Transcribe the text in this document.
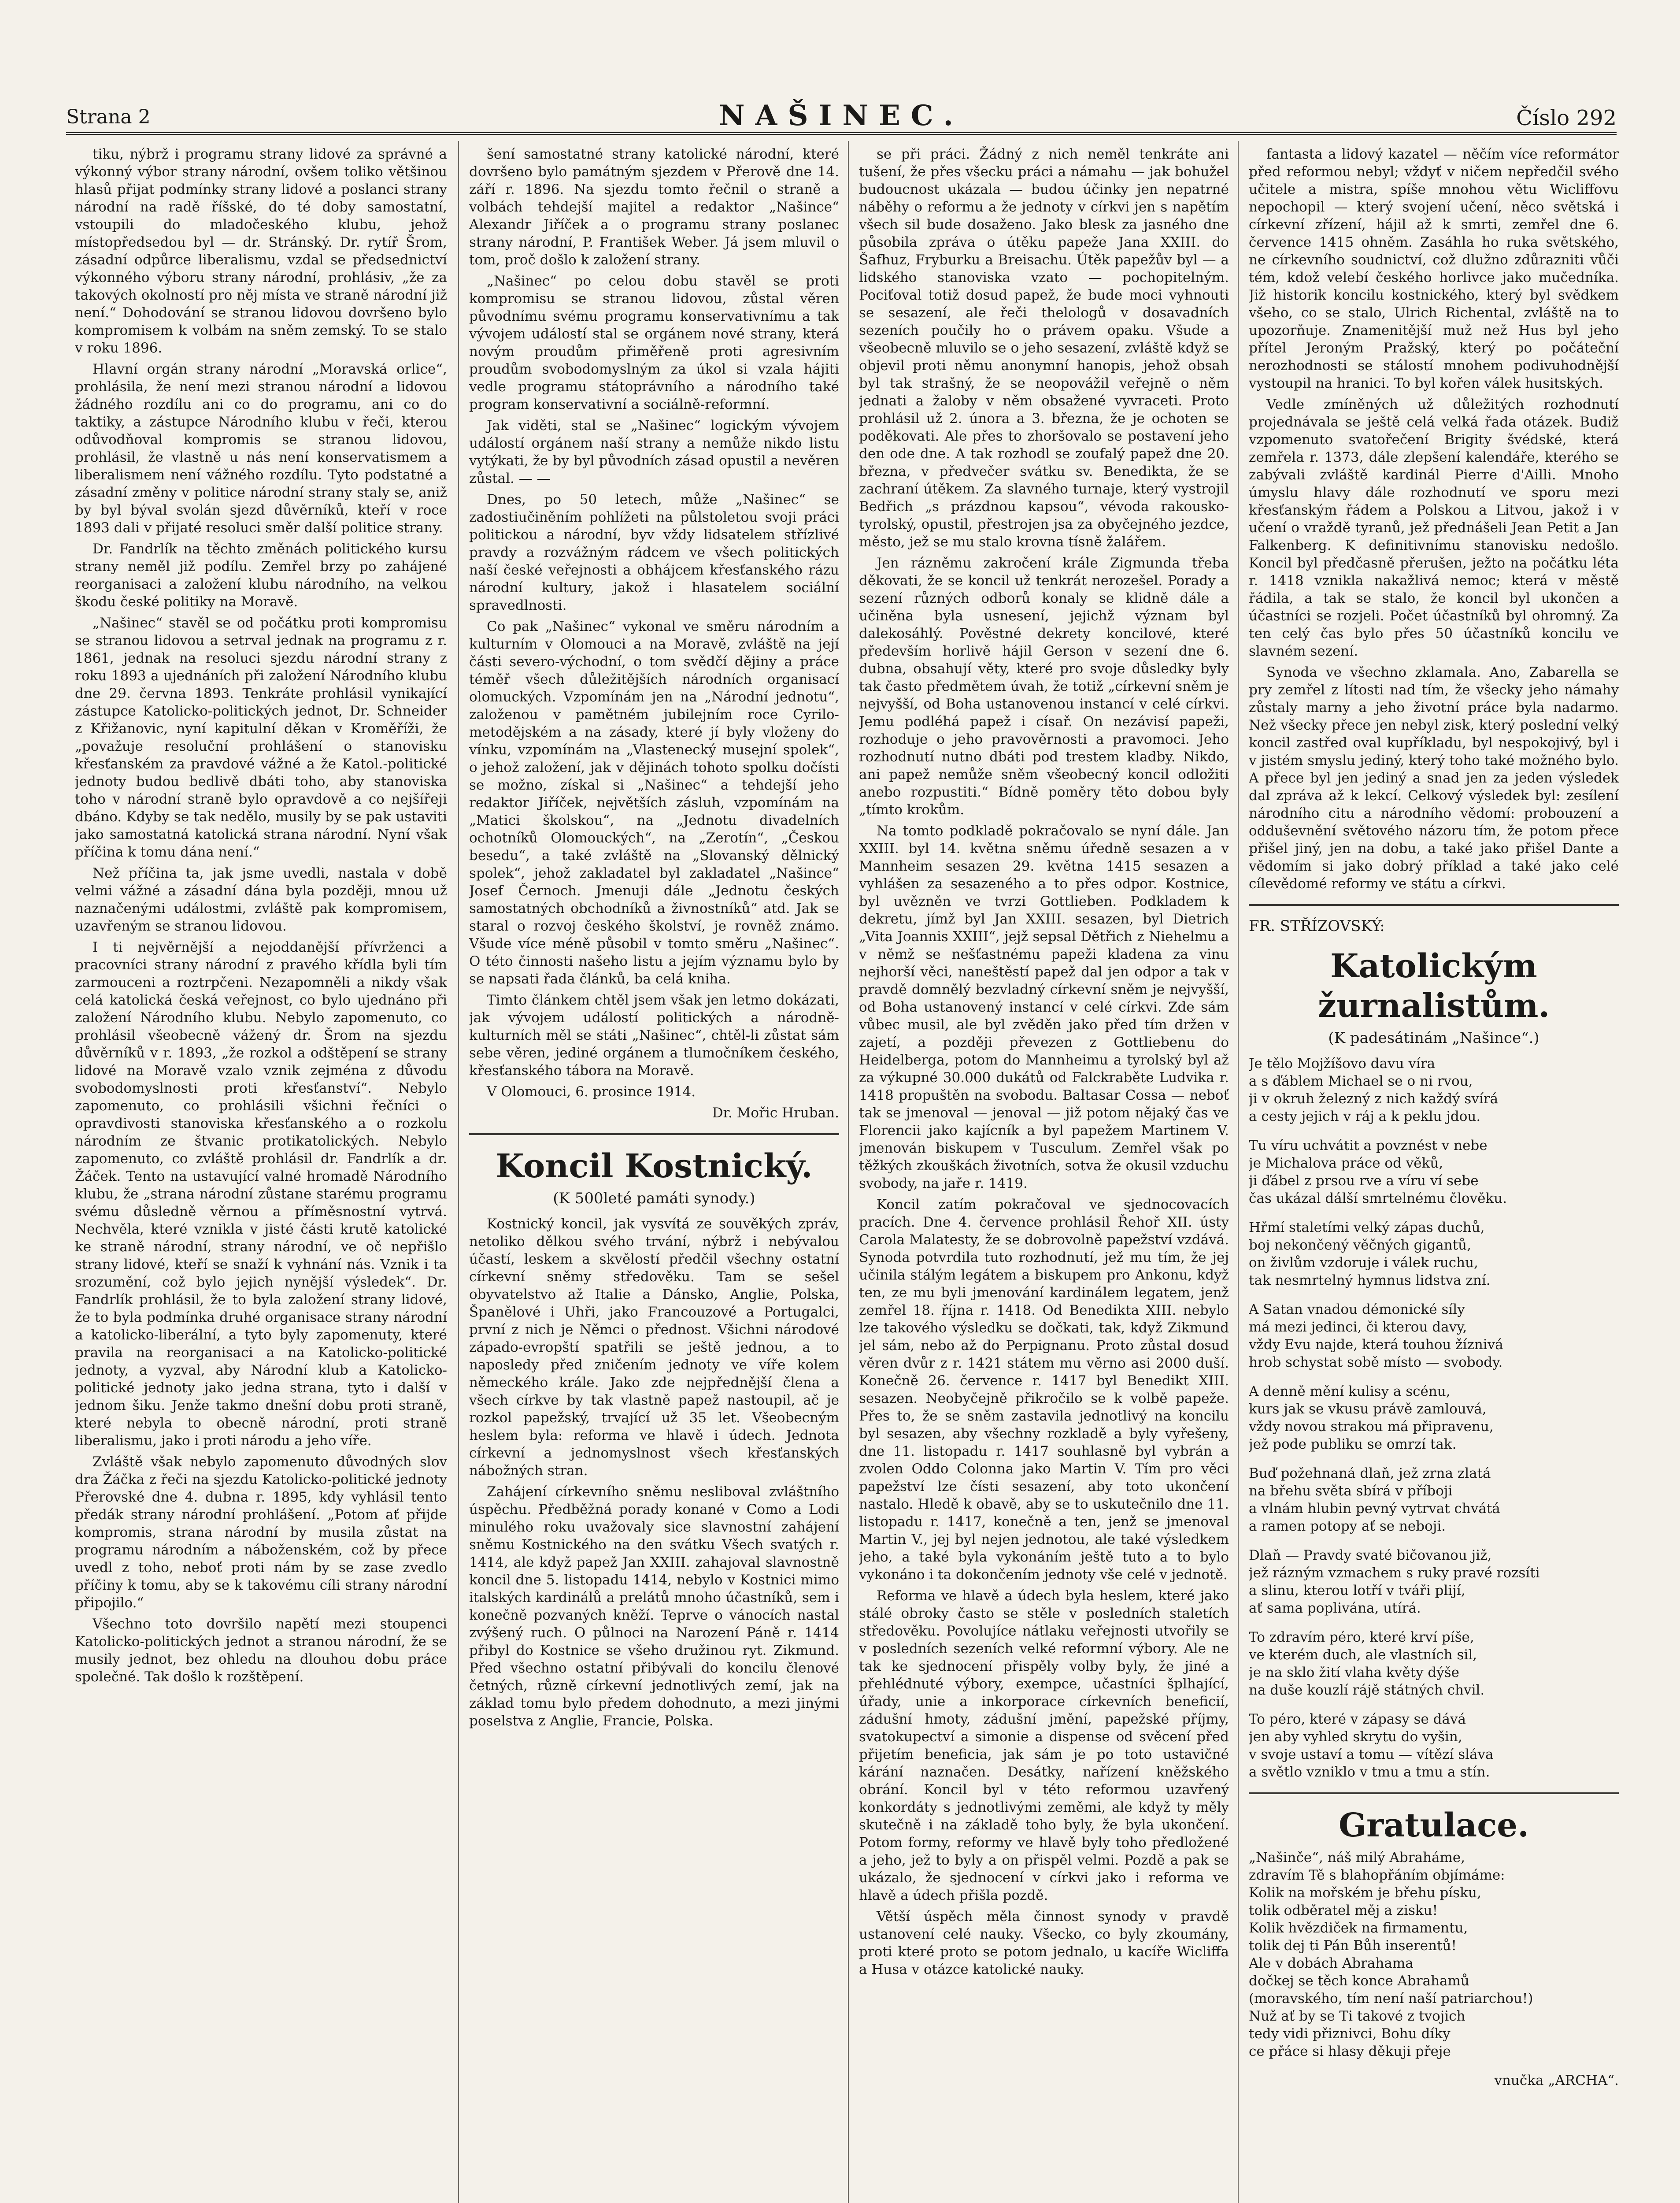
Strana 2	NAŠINEC.	Číslo 292

tiku, nýbrž i programu strany lidové za správné a výkonný výbor strany národní, ovšem toliko většinou hlasů přijat podmínky strany lidové a poslanci strany národní na radě říšské, do té doby samostatní, vstoupili do mladočeského klubu, jehož místopředsedou byl — dr. Stránský. Dr. rytíř Šrom, zásadní odpůrce liberalismu, vzdal se předsednictví výkonného výboru strany národní, prohlásiv, „že za takových okolností pro něj místa ve straně národní již není.“ Dohodování se stranou lidovou dovršeno bylo kompromisem k volbám na sněm zemský. To se stalo v roku 1896.

Hlavní orgán strany národní „Moravská orlice“, prohlásila, že není mezi stranou národní a lidovou žádného rozdílu ani co do programu, ani co do taktiky, a zástupce Národního klubu v řeči, kterou odůvodňoval kompromis se stranou lidovou, prohlásil, že vlastně u nás není konservatismem a liberalismem není vážného rozdílu. Tyto podstatné a zásadní změny v politice národní strany staly se, aniž by byl býval svolán sjezd důvěrníků, kteří v roce 1893 dali v přijaté resoluci směr další politice strany.

Dr. Fandrlík na těchto změnách politického kursu strany neměl již podílu. Zemřel brzy po zahájené reorganisaci a založení klubu národního, na velkou škodu české politiky na Moravě.

„Našinec“ stavěl se od počátku proti kompromisu se stranou lidovou a setrval jednak na programu z r. 1861, jednak na resoluci sjezdu národní strany z roku 1893 a ujednáních při založení Národního klubu dne 29. června 1893. Tenkráte prohlásil vynikající zástupce Katolicko-politických jednot, Dr. Schneider z Křižanovic, nyní kapitulní děkan v Kroměříži, že „považuje resoluční prohlášení o stanovisku křesťanském za pravdové vážné a že Katol.-politické jednoty budou bedlivě dbáti toho, aby stanoviska toho v národní straně bylo opravdově a co nejšířeji dbáno. Kdyby se tak nedělo, musily by se pak ustaviti jako samostatná katolická strana národní. Nyní však příčina k tomu dána není.“

Než příčina ta, jak jsme uvedli, nastala v době velmi vážné a zásadní dána byla později, mnou už naznačenými událostmi, zvláště pak kompromisem, uzavřeným se stranou lidovou.

I ti nejvěrnější a nejoddanější přívrženci a pracovníci strany národní z pravého křídla byli tím zarmouceni a roztrpčeni. Nezapomněli a nikdy však celá katolická česká veřejnost, co bylo ujednáno při založení Národního klubu. Nebylo zapomenuto, co prohlásil všeobecně vážený dr. Šrom na sjezdu důvěrníků v r. 1893, „že rozkol a odštěpení se strany lidové na Moravě vzalo vznik zejména z důvodu svobodomyslnosti proti křesťanství“. Nebylo zapomenuto, co prohlásili všichni řečníci o opravdivosti stanoviska křesťanského a o rozkolu národním ze štvanic protikatolických. Nebylo zapomenuto, co zvláště prohlásil dr. Fandrlík a dr. Žáček. Tento na ustavující valné hromadě Národního klubu, že „strana národní zůstane starému programu svému důsledně věrnou a příměsnostní vytrvá. Nechvěla, které vznikla v jisté části krutě katolické ke straně národní, strany národní, ve oč nepřišlo strany lidové, kteří se snaží k vyhnání nás. Vznik i ta srozumění, což bylo jejich nynější výsledek“. Dr. Fandrlík prohlásil, že to byla založení strany lidové, že to byla podmínka druhé organisace strany národní a katolicko-liberální, a tyto byly zapomenuty, které pravila na reorganisaci a na Katolicko-politické jednoty, a vyzval, aby Národní klub a Katolicko-politické jednoty jako jedna strana, tyto i další v jednom šiku. Jenže takmo dnešní dobu proti straně, které nebyla to obecně národní, proti straně liberalismu, jako i proti národu a jeho víře.

Zvláště však nebylo zapomenuto důvodných slov dra Žáčka z řeči na sjezdu Katolicko-politické jednoty Přerovské dne 4. dubna r. 1895, kdy vyhlásil tento předák strany národní prohlášení. „Potom ať přijde kompromis, strana národní by musila zůstat na programu národním a náboženském, což by přece uvedl z toho, neboť proti nám by se zase zvedlo příčiny k tomu, aby se k takovému cíli strany národní připojilo.“

Všechno toto dovršilo napětí mezi stoupenci Katolicko-politických jednot a stranou národní, že se musily jednot, bez ohledu na dlouhou dobu práce společné. Tak došlo k rozštěpení.

šení samostatné strany katolické národní, které dovršeno bylo památným sjezdem v Přerově dne 14. září r. 1896. Na sjezdu tomto řečnil o straně a volbách tehdejší majitel a redaktor „Našince“ Alexandr Jiříček a o programu strany poslanec strany národní, P. František Weber. Já jsem mluvil o tom, proč došlo k založení strany.

„Našinec“ po celou dobu stavěl se proti kompromisu se stranou lidovou, zůstal věren původnímu svému programu konservativnímu a tak vývojem událostí stal se orgánem nové strany, která novým proudům přiměřeně proti agresivním proudům svobodomyslným za úkol si vzala hájiti vedle programu státoprávního a národního také program konservativní a sociálně-reformní.

Jak viděti, stal se „Našinec“ logickým vývojem událostí orgánem naší strany a nemůže nikdo listu vytýkati, že by byl původních zásad opustil a nevěren zůstal. — —

Dnes, po 50 letech, může „Našinec“ se zadostiučiněním pohlížeti na půlstoletou svoji práci politickou a národní, byv vždy lidsatelem střízlivé pravdy a rozvážným rádcem ve všech politických naší české veřejnosti a obhájcem křesťanského rázu národní kultury, jakož i hlasatelem sociální spravedlnosti.

Co pak „Našinec“ vykonal ve směru národním a kulturním v Olomouci a na Moravě, zvláště na její části severo-východní, o tom svědčí dějiny a práce téměř všech důležitějších národních organisací olomuckých. Vzpomínám jen na „Národní jednotu“, založenou v pamětném jubilejním roce Cyrilo-metodějském a na zásady, které jí byly vloženy do vínku, vzpomínám na „Vlastenecký musejní spolek“, o jehož založení, jak v dějinách tohoto spolku dočísti se možno, získal si „Našinec“ a tehdejší jeho redaktor Jiříček, největších zásluh, vzpomínám na „Matici školskou“, na „Jednotu divadelních ochotníků Olomouckých“, na „Zerotín“, „Českou besedu“, a také zvláště na „Slovanský dělnický spolek“, jehož zakladatel byl zakladatel „Našince“ Josef Černoch. Jmenuji dále „Jednotu českých samostatných obchodníků a živnostníků“ atd. Jak se staral o rozvoj českého školství, je rovněž známo. Všude více méně působil v tomto směru „Našinec“. O této činnosti našeho listu a jejím významu bylo by se napsati řada článků, ba celá kniha.

Timto článkem chtěl jsem však jen letmo dokázati, jak vývojem událostí politických a národně-kulturních měl se státi „Našinec“, chtěl-li zůstat sám sebe věren, jediné orgánem a tlumočníkem českého, křesťanského tábora na Moravě.

V Olomouci, 6. prosince 1914.

Dr. Mořic Hruban.

Koncil Kostnický.
(K 500leté památi synody.)

Kostnický koncil, jak vysvítá ze souvěkých zpráv, netoliko dělkou svého trvání, nýbrž i nebývalou účastí, leskem a skvělostí předčil všechny ostatní církevní sněmy středověku. Tam se sešel obyvatelstvo až Italie a Dánsko, Anglie, Polska, Španělové i Uhři, jako Francouzové a Portugalci, první z nich je Němci o přednost. Všichni národové západo-evropští spatřili se ještě jednou, a to naposledy před zničením jednoty ve víře kolem německého krále. Jako zde nejpřednější člena a všech církve by tak vlastně papež nastoupil, ač je rozkol papežský, trvající už 35 let. Všeobecným heslem byla: reforma ve hlavě i údech. Jednota církevní a jednomyslnost všech křesťanských nábožných stran.

Zahájení církevního sněmu nesliboval zvláštního úspěchu. Předběžná porady konané v Como a Lodi minulého roku uvažovaly sice slavnostní zahájení sněmu Kostnického na den svátku Všech svatých r. 1414, ale když papež Jan XXIII. zahajoval slavnostně koncil dne 5. listopadu 1414, nebylo v Kostnici mimo italských kardinálů a prelátů mnoho účastníků, sem i konečně pozvaných kněží. Teprve o vánocích nastal zvýšený ruch. O půlnoci na Narození Páně r. 1414 přibyl do Kostnice se všeho družinou ryt. Zikmund. Před všechno ostatní přibývali do koncilu členové četných, různě církevní jednotlivých zemí, jak na základ tomu bylo předem dohodnuto, a mezi jinými poselstva z Anglie, Francie, Polska.

se při práci. Žádný z nich neměl tenkráte ani tušení, že přes všecku práci a námahu — jak bohužel budoucnost ukázala — budou účinky jen nepatrné náběhy o reformu a že jednoty v církvi jen s napětím všech sil bude dosaženo. Jako blesk za jasného dne působila zpráva o útěku papeže Jana XXIII. do Šafhuz, Fryburku a Breisachu. Útěk papežův byl — a lidského stanoviska vzato — pochopitelným. Pociťoval totiž dosud papež, že bude moci vyhnouti se sesazení, ale řeči thelologů v dosavadních sezeních poučily ho o právem opaku. Všude a všeobecně mluvilo se o jeho sesazení, zvláště když se objevil proti němu anonymní hanopis, jehož obsah byl tak strašný, že se neopovážil veřejně o něm jednati a žaloby v něm obsažené vyvraceti. Proto prohlásil už 2. února a 3. března, že je ochoten se poděkovati. Ale přes to zhoršovalo se postavení jeho den ode dne. A tak rozhodl se zoufalý papež dne 20. března, v předvečer svátku sv. Benedikta, že se zachraní útěkem. Za slavného turnaje, který vystrojil Bedřich „s prázdnou kapsou“, vévoda rakousko-tyrolský, opustil, přestrojen jsa za obyčejného jezdce, město, jež se mu stalo krovna tísně žalářem.

Jen rázněmu zakročení krále Zigmunda třeba děkovati, že se koncil už tenkrát nerozešel. Porady a sezení různých odborů konaly se klidně dále a učiněna byla usnesení, jejichž význam byl dalekosáhlý. Pověstné dekrety koncilové, které především horlivě hájil Gerson v sezení dne 6. dubna, obsahují věty, které pro svoje důsledky byly tak často předmětem úvah, že totiž „církevní sněm je nejvyšší, od Boha ustanovenou instancí v celé církvi. Jemu podléhá papež i císař. On nezávisí papeži, rozhoduje o jeho pravověrnosti a pravomoci. Jeho rozhodnutí nutno dbáti pod trestem kladby. Nikdo, ani papež nemůže sněm všeobecný koncil odložiti anebo rozpustiti.“ Bídně poměry těto dobou byly „tímto krokům.

Na tomto podkladě pokračovalo se nyní dále. Jan XXIII. byl 14. května sněmu úředně sesazen a v Mannheim sesazen 29. května 1415 sesazen a vyhlášen za sesazeného a to přes odpor. Kostnice, byl uvězněn ve tvrzi Gottlieben. Podkladem k dekretu, jímž byl Jan XXIII. sesazen, byl Dietrich „Vita Joannis XXIII“, jejž sepsal Dětřich z Niehelmu a v němž se nešťastnému papeži kladena za vinu nejhorší věci, naneštěstí papež dal jen odpor a tak v pravdě domnělý bezvladný církevní sněm je nejvyšší, od Boha ustanovený instancí v celé církvi. Zde sám vůbec musil, ale byl zvěděn jako před tím držen v zajetí, a později převezen z Gottliebenu do Heidelberga, potom do Mannheimu a tyrolský byl až za výkupné 30.000 dukátů od Falckraběte Ludvika r. 1418 propuštěn na svobodu. Baltasar Cossa — neboť tak se jmenoval — jenoval — již potom nějaký čas ve Florencii jako kajícník a byl papežem Martinem V. jmenován biskupem v Tusculum. Zemřel však po těžkých zkouškách životních, sotva že okusil vzduchu svobody, na jaře r. 1419.

Koncil zatím pokračoval ve sjednocovacích pracích. Dne 4. července prohlásil Řehoř XII. ústy Carola Malatesty, že se dobrovolně papežství vzdává. Synoda potvrdila tuto rozhodnutí, jež mu tím, že jej učinila stálým legátem a biskupem pro Ankonu, když ten, ze mu byli jmenování kardinálem legatem, jenž zemřel 18. října r. 1418. Od Benedikta XIII. nebylo lze takového výsledku se dočkati, tak, když Zikmund jel sám, nebo až do Perpignanu. Proto zůstal dosud věren dvůr z r. 1421 státem mu věrno asi 2000 duší. Konečně 26. července r. 1417 byl Benedikt XIII. sesazen. Neobyčejně přikročilo se k volbě papeže. Přes to, že se sněm zastavila jednotlivý na koncilu byl sesazen, aby všechny rozkladě a byly vyřešeny, dne 11. listopadu r. 1417 souhlasně byl vybrán a zvolen Oddo Colonna jako Martin V. Tím pro věci papežství lze čísti sesazení, aby toto ukončení nastalo. Hledě k obavě, aby se to uskutečnilo dne 11. listopadu r. 1417, konečně a ten, jenž se jmenoval Martin V., jej byl nejen jednotou, ale také výsledkem jeho, a také byla vykonáním ještě tuto a to bylo vykonáno i ta dokončením jednoty vše celé v jednotě.

Reforma ve hlavě a údech byla heslem, které jako stálé obroky často se stěle v posledních staletích středověku. Povolujíce nátlaku veřejnosti utvořily se v posledních sezeních velké reformní výbory. Ale ne tak ke sjednocení přispěly volby byly, že jiné a přehlédnuté výbory, exempce, učastníci šplhající, úřady, unie a inkorporace církevních beneficií, zádušní hmoty, zádušní jmění, papežské příjmy, svatokupectví a simonie a dispense od svěcení před přijetím beneficia, jak sám je po toto ustavičné kárání naznačen. Desátky, nařízení kněžského obrání. Koncil byl v této reformou uzavřený konkordáty s jednotlivými zeměmi, ale když ty měly skutečně i na základě toho byly, že byla ukončení. Potom formy, reformy ve hlavě byly toho předložené a jeho, jež to byly a on přispěl velmi. Pozdě a pak se ukázalo, že sjednocení v církvi jako i reforma ve hlavě a údech přišla pozdě.

Větší úspěch měla činnost synody v pravdě ustanovení celé nauky. Všecko, co byly zkoumány, proti které proto se potom jednalo, u kacíře Wicliffa a Husa v otázce katolické nauky.

fantasta a lidový kazatel — něčím více reformátor před reformou nebyl; vždyť v ničem nepředčil svého učitele a mistra, spíše mnohou větu Wicliffovu nepochopil — který svojení učení, něco světská i církevní zřízení, hájil až k smrti, zemřel dne 6. července 1415 ohněm. Zasáhla ho ruka světského, ne církevního soudnictví, což dlužno zdůrazniti vůči tém, kdož velebí českého horlivce jako mučedníka. Již historik koncilu kostnického, který byl svědkem všeho, co se stalo, Ulrich Richental, zvláště na to upozorňuje. Znamenitější muž než Hus byl jeho přítel Jeroným Pražský, který po počáteční nerozhodnosti se stálostí mnohem podivuhodnější vystoupil na hranici. To byl kořen válek husitských.

Vedle zmíněných už důležitých rozhodnutí projednávala se ještě celá velká řada otázek. Budiž vzpomenuto svatořečení Brigity švédské, která zemřela r. 1373, dále zlepšení kalendáře, kterého se zabývali zvláště kardinál Pierre d'Ailli. Mnoho úmyslu hlavy dále rozhodnutí ve sporu mezi křesťanským řádem a Polskou a Litvou, jakož i v učení o vraždě tyranů, jež přednášeli Jean Petit a Jan Falkenberg. K definitivnímu stanovisku nedošlo. Koncil byl předčasně přerušen, ježto na počátku léta r. 1418 vznikla nakažlivá nemoc; která v městě řádila, a tak se stalo, že koncil byl ukončen a účastníci se rozjeli. Počet účastníků byl ohromný. Za ten celý čas bylo přes 50 účastníků koncilu ve slavném sezení.

Synoda ve všechno zklamala. Ano, Zabarella se pry zemřel z lítosti nad tím, že všecky jeho námahy zůstaly marny a jeho životní práce byla nadarmo. Než všecky přece jen nebyl zisk, který poslední velký koncil zastřed oval kupříkladu, byl nespokojivý, byl i v jistém smyslu jediný, který toho také možného bylo. A přece byl jen jediný a snad jen za jeden výsledek dal zpráva až k lekcí. Celkový výsledek byl: zesílení národního citu a národního vědomí: probouzení a odduševnění světového názoru tím, že potom přece přišel jiný, jen na dobu, a také jako přišel Dante a vědomím si jako dobrý příklad a také jako celé cílevědomé reformy ve státu a církvi.

FR. STŘÍZOVSKÝ:
Katolickým žurnalistům.
(K padesátinám „Našince“.)
Je tělo Mojžíšovo davu víra
a s ďáblem Michael se o ni rvou,
ji v okruh železný z nich každý svírá
a cesty jejich v ráj a k peklu jdou.
Tu víru uchvátit a povznést v nebe
je Michalova práce od věků,
ji ďábel z prsou rve a víru ví sebe
čas ukázal dálší smrtelnému člověku.
Hřmí staletími velký zápas duchů,
boj nekončený věčných gigantů,
on živlům vzdoruje i válek ruchu,
tak nesmrtelný hymnus lidstva zní.
A Satan vnadou démonické síly
má mezi jedinci, či kterou davy,
vždy Evu najde, která touhou žíznivá
hrob schystat sobě místo — svobody.
A denně mění kulisy a scénu,
kurs jak se vkusu právě zamlouvá,
vždy novou strakou má připravenu,
jež pode publiku se omrzí tak.
Buď požehnaná dlaň, jež zrna zlatá
na břehu světa sbírá v příboji
a vlnám hlubin pevný vytrvat chvátá
a ramen potopy ať se neboji.
Dlaň — Pravdy svaté bičovanou již,
jež rázným vzmachem s ruky pravé rozsíti
a slinu, kterou lotří v tváři plijí,
ať sama poplivána, utírá.
To zdravím péro, které krví píše,
ve kterém duch, ale vlastních sil,
je na sklo žití vlaha květy dýše
na duše kouzlí rájě státných chvil.
To péro, které v zápasy se dává
jen aby vyhled skrytu do vyšin,
v svoje ustaví a tomu — vítězí sláva
a světlo vzniklo v tmu a tmu a stín.
Gratulace.
„Našinče“, náš milý Abraháme,
zdravím Tě s blahopřáním objímáme:
Kolik na mořském je břehu písku,
tolik odběratel měj a zisku!
Kolik hvězdiček na firmamentu,
tolik dej ti Pán Bůh inserentů!
Ale v dobách Abrahama
dočkej se těch konce Abrahamů
(moravského, tím není naší patriarchou!)
Nuž ať by se Ti takové z tvojich
tedy vidi přiznivci, Bohu díky
ce přáce si hlasy děkuji přeje
vnučka „ARCHA“.
